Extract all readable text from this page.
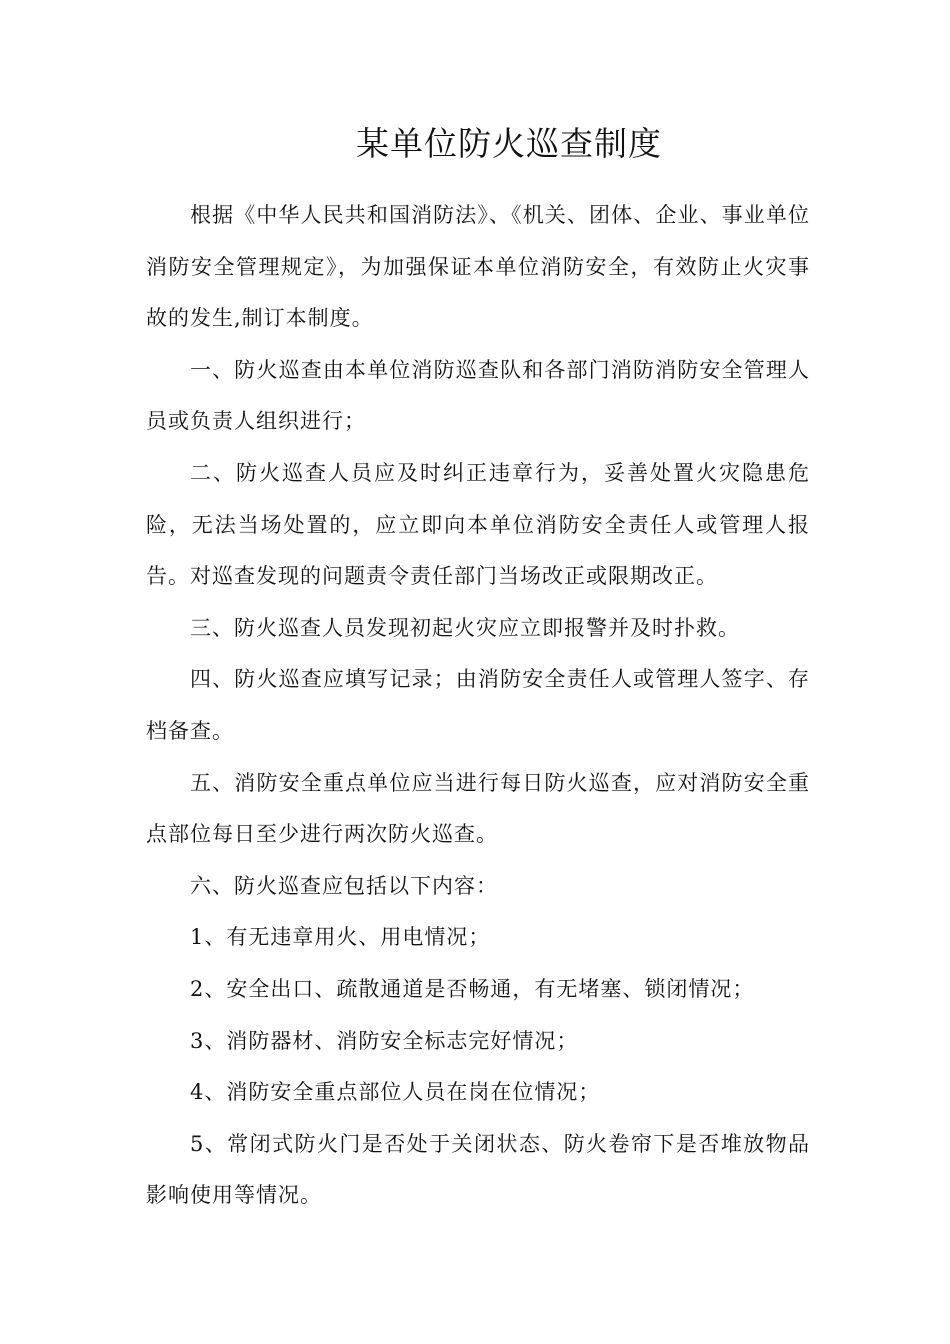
某单位防火巡查制度

根据《中华人民共和国消防法》、《机关、团体、企业、事业单位消防安全管理规定》，为加强保证本单位消防安全，有效防止火灾事故的发生,制订本制度。

一、防火巡查由本单位消防巡查队和各部门消防消防安全管理人员或负责人组织进行；

二、防火巡查人员应及时纠正违章行为，妥善处置火灾隐患危险，无法当场处置的，应立即向本单位消防安全责任人或管理人报告。对巡查发现的问题责令责任部门当场改正或限期改正。

三、防火巡查人员发现初起火灾应立即报警并及时扑救。

四、防火巡查应填写记录；由消防安全责任人或管理人签字、存档备查。

五、消防安全重点单位应当进行每日防火巡查，应对消防安全重点部位每日至少进行两次防火巡查。

六、防火巡查应包括以下内容：

1、有无违章用火、用电情况；

2、安全出口、疏散通道是否畅通，有无堵塞、锁闭情况；

3、消防器材、消防安全标志完好情况；

4、消防安全重点部位人员在岗在位情况；

5、常闭式防火门是否处于关闭状态、防火卷帘下是否堆放物品影响使用等情况。
